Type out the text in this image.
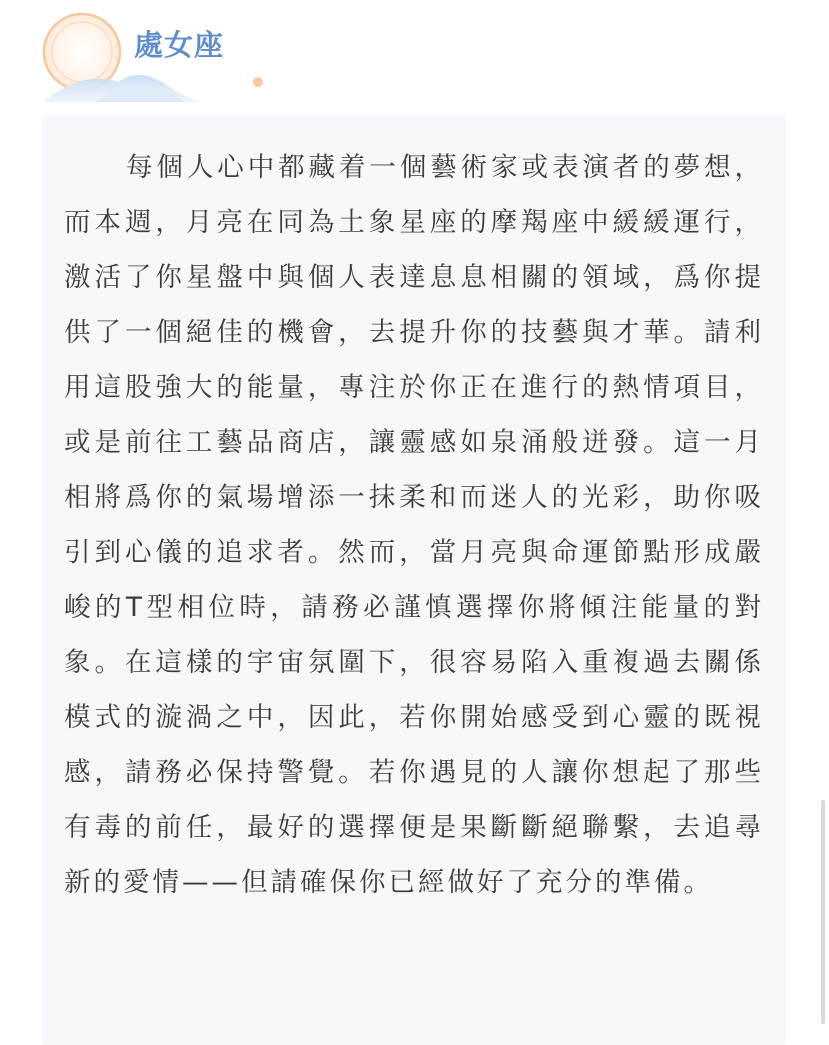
處女座

每個人心中都藏着一個藝術家或表演者的夢想，而本週，月亮在同為土象星座的摩羯座中緩緩運行，激活了你星盤中與個人表達息息相關的領域，爲你提供了一個絕佳的機會，去提升你的技藝與才華。請利用這股強大的能量，專注於你正在進行的熱情項目，或是前往工藝品商店，讓靈感如泉涌般迸發。這一月相將爲你的氣場增添一抹柔和而迷人的光彩，助你吸引到心儀的追求者。然而，當月亮與命運節點形成嚴峻的T型相位時，請務必謹慎選擇你將傾注能量的對象。在這樣的宇宙氛圍下，很容易陷入重複過去關係模式的漩渦之中，因此，若你開始感受到心靈的既視感，請務必保持警覺。若你遇見的人讓你想起了那些有毒的前任，最好的選擇便是果斷斷絕聯繫，去追尋新的愛情——但請確保你已經做好了充分的準備。
